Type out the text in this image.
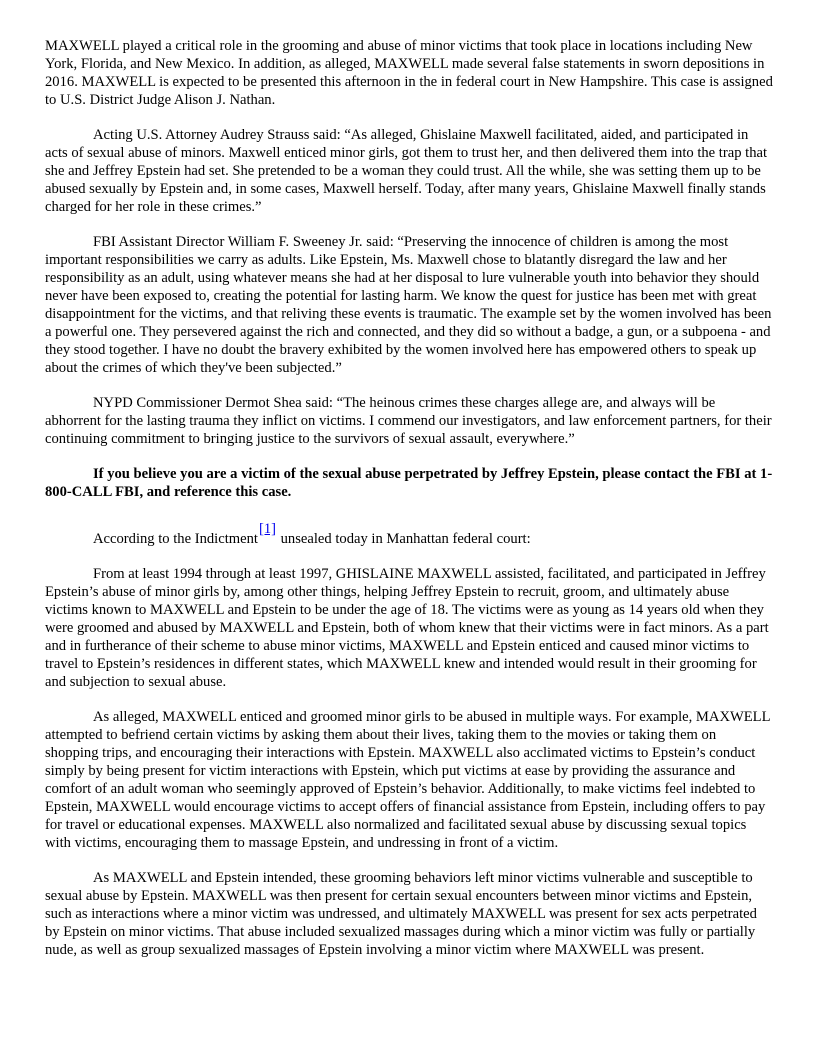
MAXWELL played a critical role in the grooming and abuse of minor victims that took place in locations including New York, Florida, and New Mexico. In addition, as alleged, MAXWELL made several false statements in sworn depositions in 2016. MAXWELL is expected to be presented this afternoon in the in federal court in New Hampshire. This case is assigned to U.S. District Judge Alison J. Nathan.

Acting U.S. Attorney Audrey Strauss said: “As alleged, Ghislaine Maxwell facilitated, aided, and participated in acts of sexual abuse of minors. Maxwell enticed minor girls, got them to trust her, and then delivered them into the trap that she and Jeffrey Epstein had set. She pretended to be a woman they could trust. All the while, she was setting them up to be abused sexually by Epstein and, in some cases, Maxwell herself. Today, after many years, Ghislaine Maxwell finally stands charged for her role in these crimes.”

FBI Assistant Director William F. Sweeney Jr. said: “Preserving the innocence of children is among the most important responsibilities we carry as adults. Like Epstein, Ms. Maxwell chose to blatantly disregard the law and her responsibility as an adult, using whatever means she had at her disposal to lure vulnerable youth into behavior they should never have been exposed to, creating the potential for lasting harm. We know the quest for justice has been met with great disappointment for the victims, and that reliving these events is traumatic. The example set by the women involved has been a powerful one. They persevered against the rich and connected, and they did so without a badge, a gun, or a subpoena - and they stood together. I have no doubt the bravery exhibited by the women involved here has empowered others to speak up about the crimes of which they've been subjected.”

NYPD Commissioner Dermot Shea said: “The heinous crimes these charges allege are, and always will be abhorrent for the lasting trauma they inflict on victims. I commend our investigators, and law enforcement partners, for their continuing commitment to bringing justice to the survivors of sexual assault, everywhere.”

If you believe you are a victim of the sexual abuse perpetrated by Jeffrey Epstein, please contact the FBI at 1-800-CALL FBI, and reference this case.

According to the Indictment[1] unsealed today in Manhattan federal court:

From at least 1994 through at least 1997, GHISLAINE MAXWELL assisted, facilitated, and participated in Jeffrey Epstein’s abuse of minor girls by, among other things, helping Jeffrey Epstein to recruit, groom, and ultimately abuse victims known to MAXWELL and Epstein to be under the age of 18. The victims were as young as 14 years old when they were groomed and abused by MAXWELL and Epstein, both of whom knew that their victims were in fact minors. As a part and in furtherance of their scheme to abuse minor victims, MAXWELL and Epstein enticed and caused minor victims to travel to Epstein’s residences in different states, which MAXWELL knew and intended would result in their grooming for and subjection to sexual abuse.

As alleged, MAXWELL enticed and groomed minor girls to be abused in multiple ways. For example, MAXWELL attempted to befriend certain victims by asking them about their lives, taking them to the movies or taking them on shopping trips, and encouraging their interactions with Epstein. MAXWELL also acclimated victims to Epstein’s conduct simply by being present for victim interactions with Epstein, which put victims at ease by providing the assurance and comfort of an adult woman who seemingly approved of Epstein’s behavior. Additionally, to make victims feel indebted to Epstein, MAXWELL would encourage victims to accept offers of financial assistance from Epstein, including offers to pay for travel or educational expenses. MAXWELL also normalized and facilitated sexual abuse by discussing sexual topics with victims, encouraging them to massage Epstein, and undressing in front of a victim.

As MAXWELL and Epstein intended, these grooming behaviors left minor victims vulnerable and susceptible to sexual abuse by Epstein. MAXWELL was then present for certain sexual encounters between minor victims and Epstein, such as interactions where a minor victim was undressed, and ultimately MAXWELL was present for sex acts perpetrated by Epstein on minor victims. That abuse included sexualized massages during which a minor victim was fully or partially nude, as well as group sexualized massages of Epstein involving a minor victim where MAXWELL was present.
